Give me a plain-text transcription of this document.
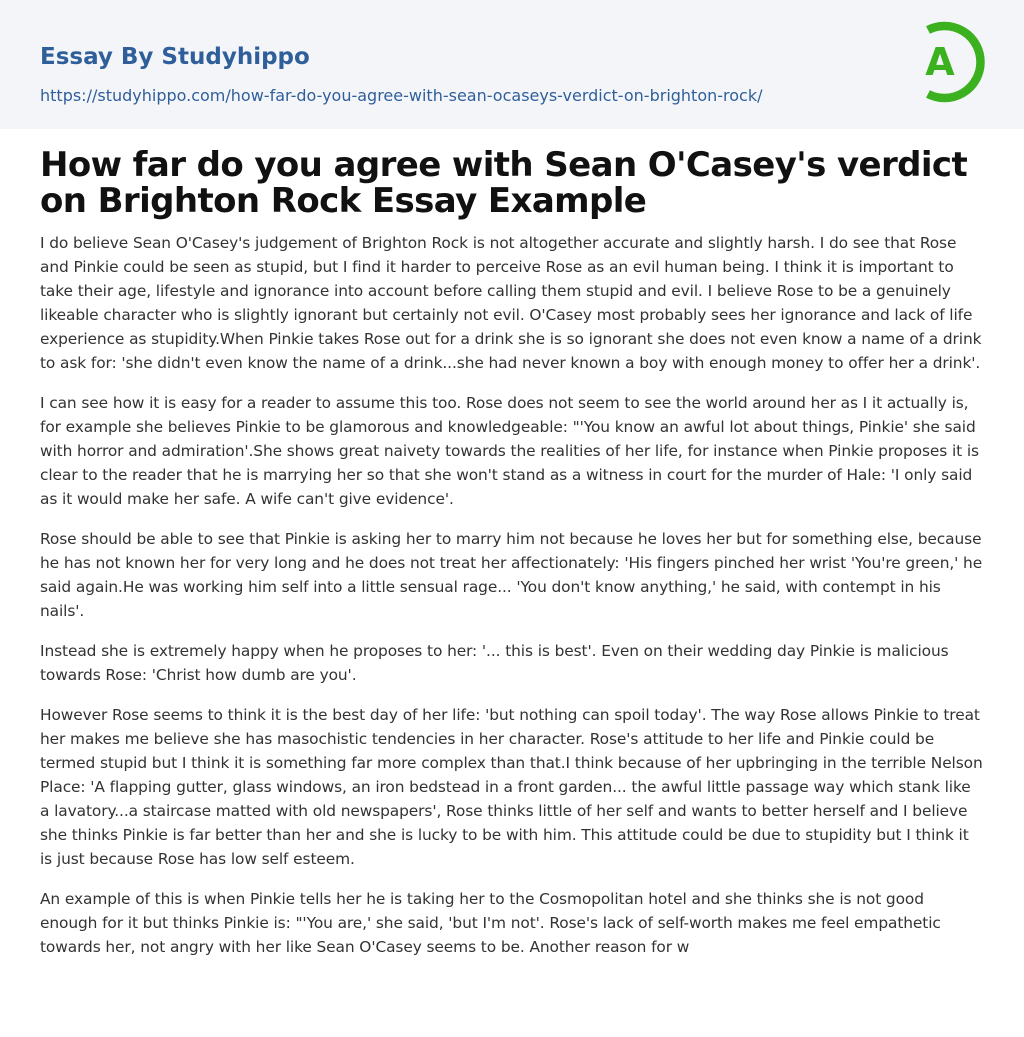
Essay By Studyhippo
https://studyhippo.com/how-far-do-you-agree-with-sean-ocaseys-verdict-on-brighton-rock/
A
How far do you agree with Sean O'Casey's verdict on Brighton Rock Essay Example

I do believe Sean O'Casey's judgement of Brighton Rock is not altogether accurate and slightly harsh. I do see that Rose and Pinkie could be seen as stupid, but I find it harder to perceive Rose as an evil human being. I think it is important to take their age, lifestyle and ignorance into account before calling them stupid and evil. I believe Rose to be a genuinely likeable character who is slightly ignorant but certainly not evil. O'Casey most probably sees her ignorance and lack of life experience as stupidity.When Pinkie takes Rose out for a drink she is so ignorant she does not even know a name of a drink to ask for: 'she didn't even know the name of a drink...she had never known a boy with enough money to offer her a drink'.

I can see how it is easy for a reader to assume this too. Rose does not seem to see the world around her as I it actually is, for example she believes Pinkie to be glamorous and knowledgeable: "'You know an awful lot about things, Pinkie' she said with horror and admiration'.She shows great naivety towards the realities of her life, for instance when Pinkie proposes it is clear to the reader that he is marrying her so that she won't stand as a witness in court for the murder of Hale: 'I only said as it would make her safe. A wife can't give evidence'.

Rose should be able to see that Pinkie is asking her to marry him not because he loves her but for something else, because he has not known her for very long and he does not treat her affectionately: 'His fingers pinched her wrist 'You're green,' he said again.He was working him self into a little sensual rage... 'You don't know anything,' he said, with contempt in his nails'.

Instead she is extremely happy when he proposes to her: '... this is best'. Even on their wedding day Pinkie is malicious towards Rose: 'Christ how dumb are you'.

However Rose seems to think it is the best day of her life: 'but nothing can spoil today'. The way Rose allows Pinkie to treat her makes me believe she has masochistic tendencies in her character. Rose's attitude to her life and Pinkie could be termed stupid but I think it is something far more complex than that.I think because of her upbringing in the terrible Nelson Place: 'A flapping gutter, glass windows, an iron bedstead in a front garden... the awful little passage way which stank like a lavatory...a staircase matted with old newspapers', Rose thinks little of her self and wants to better herself and I believe she thinks Pinkie is far better than her and she is lucky to be with him. This attitude could be due to stupidity but I think it is just because Rose has low self esteem.

An example of this is when Pinkie tells her he is taking her to the Cosmopolitan hotel and she thinks she is not good enough for it but thinks Pinkie is: "'You are,' she said, 'but I'm not'. Rose's lack of self-worth makes me feel empathetic towards her, not angry with her like Sean O'Casey seems to be. Another reason for w
